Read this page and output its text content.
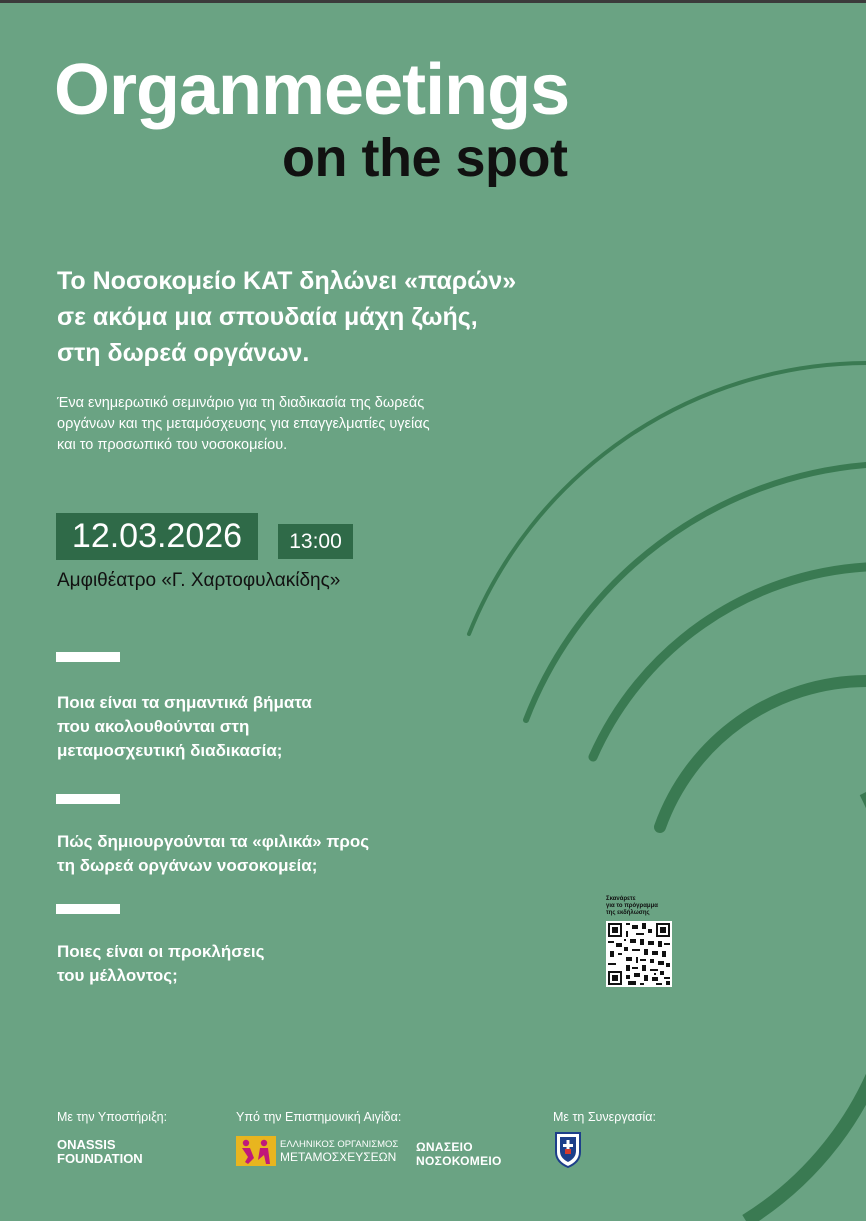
Organmeetings
on the spot
Το Νοσοκομείο ΚΑΤ δηλώνει «παρών»
σε ακόμα μια σπουδαία μάχη ζωής,
στη δωρεά οργάνων.
Ένα ενημερωτικό σεμινάριο για τη διαδικασία της δωρεάς
οργάνων και της μεταμόσχευσης για επαγγελματίες υγείας
και το προσωπικό του νοσοκομείου.
12.03.2026	13:00
Αμφιθέατρο «Γ. Χαρτοφυλακίδης»
Ποια είναι τα σημαντικά βήματα
που ακολουθούνται στη
μεταμοσχευτική διαδικασία;
Πώς δημιουργούνται τα «φιλικά» προς
τη δωρεά οργάνων νοσοκομεία;
Ποιες είναι οι προκλήσεις
του μέλλοντος;
Σκανάρετε
για το πρόγραμμα
της εκδήλωσης
Με την Υποστήριξη:	Υπό την Επιστημονική Αιγίδα:	Με τη Συνεργασία:
ONASSIS
FOUNDATION
ΕΛΛΗΝΙΚΟΣ ΟΡΓΑΝΙΣΜΟΣ
ΜΕΤΑΜΟΣΧΕΥΣΕΩΝ
ΩΝΑΣΕΙΟ
ΝΟΣΟΚΟΜΕΙΟ
